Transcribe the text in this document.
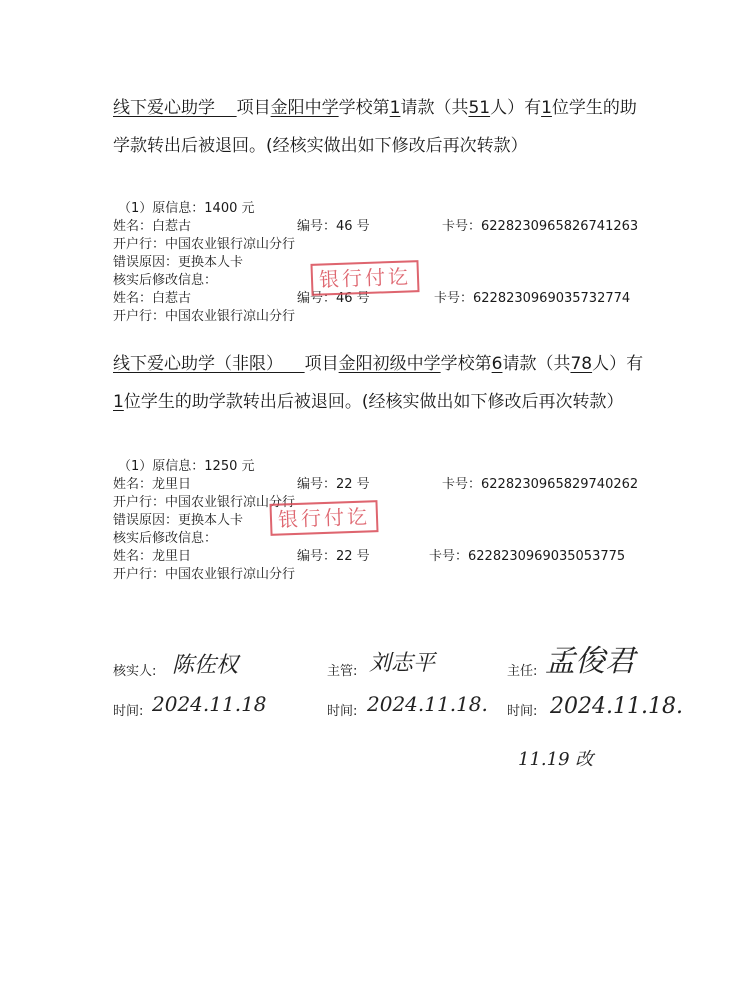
线下爱心助学 项目金阳中学学校第1请款（共51人）有1位学生的助学款转出后被退回。(经核实做出如下修改后再次转款）

（1）原信息：1400 元
姓名：白惹古	编号：46 号	卡号：6228230965826741263
开户行：中国农业银行凉山分行
错误原因：更换本人卡
核实后修改信息：
姓名：白惹古	编号：46 号	卡号：6228230969035732774
开户行：中国农业银行凉山分行
银行付讫

线下爱心助学（非限） 项目金阳初级中学学校第6请款（共78人）有1位学生的助学款转出后被退回。(经核实做出如下修改后再次转款）

（1）原信息：1250 元
姓名：龙里日	编号：22 号	卡号：6228230965829740262
开户行：中国农业银行凉山分行
错误原因：更换本人卡
核实后修改信息：
姓名：龙里日	编号：22 号	卡号：6228230969035053775
开户行：中国农业银行凉山分行
银行付讫
核实人: 陈佐权	主管: 刘志平	主任: 孟俊君
时间: 2024.11.18	时间: 2024.11.18. 时间: 2024.11.18.
11.19 改
